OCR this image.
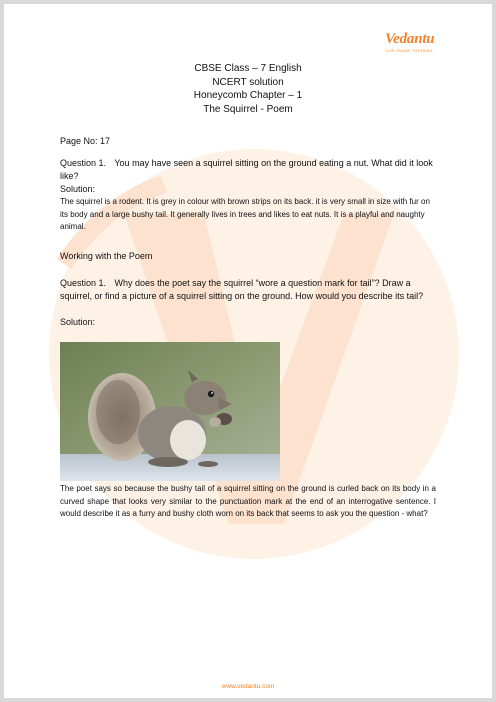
Vedantu
LIVE ONLINE TUTORING
CBSE Class – 7 English
NCERT solution
Honeycomb Chapter – 1
The Squirrel - Poem
Page No: 17
Question 1. You may have seen a squirrel sitting on the ground eating a nut. What did it look like?
Solution:
The squirrel is a rodent. It is grey in colour with brown strips on its back. it is very small in size with fur on its body and a large bushy tail. It generally lives in trees and likes to eat nuts. It is a playful and naughty animal.
Working with the Poem
Question 1. Why does the poet say the squirrel “wore a question mark for tail”? Draw a squirrel, or find a picture of a squirrel sitting on the ground. How would you describe its tail?
Solution:
The poet says so because the bushy tail of a squirrel sitting on the ground is curled back on its body in a curved shape that looks very similar to the punctuation mark at the end of an interrogative sentence. I would describe it as a furry and bushy cloth worn on its back that seems to ask you the question - what?
www.vedantu.com
